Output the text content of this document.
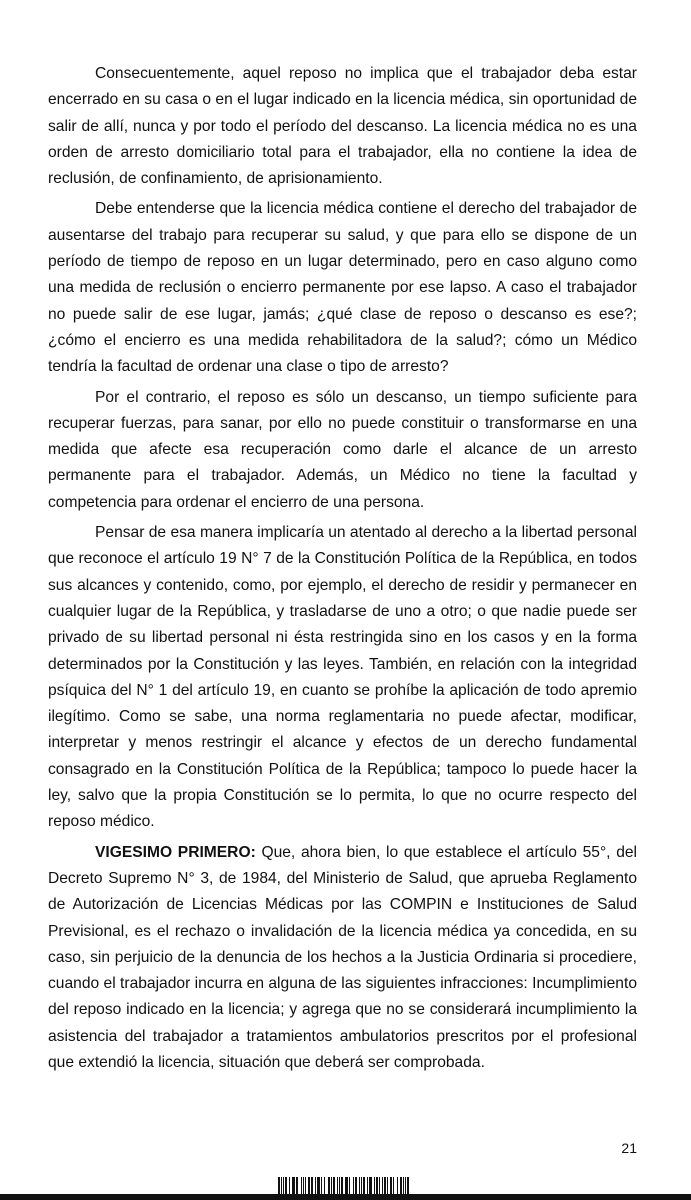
Consecuentemente, aquel reposo no implica que el trabajador deba estar encerrado en su casa o en el lugar indicado en la licencia médica, sin oportunidad de salir de allí, nunca y por todo el período del descanso. La licencia médica no es una orden de arresto domiciliario total para el trabajador, ella no contiene la idea de reclusión, de confinamiento, de aprisionamiento.

Debe entenderse que la licencia médica contiene el derecho del trabajador de ausentarse del trabajo para recuperar su salud, y que para ello se dispone de un período de tiempo de reposo en un lugar determinado, pero en caso alguno como una medida de reclusión o encierro permanente por ese lapso. A caso el trabajador no puede salir de ese lugar, jamás; ¿qué clase de reposo o descanso es ese?; ¿cómo el encierro es una medida rehabilitadora de la salud?; cómo un Médico tendría la facultad de ordenar una clase o tipo de arresto?

Por el contrario, el reposo es sólo un descanso, un tiempo suficiente para recuperar fuerzas, para sanar, por ello no puede constituir o transformarse en una medida que afecte esa recuperación como darle el alcance de un arresto permanente para el trabajador. Además, un Médico no tiene la facultad y competencia para ordenar el encierro de una persona.

Pensar de esa manera implicaría un atentado al derecho a la libertad personal que reconoce el artículo 19 N° 7 de la Constitución Política de la República, en todos sus alcances y contenido, como, por ejemplo, el derecho de residir y permanecer en cualquier lugar de la República, y trasladarse de uno a otro; o que nadie puede ser privado de su libertad personal ni ésta restringida sino en los casos y en la forma determinados por la Constitución y las leyes. También, en relación con la integridad psíquica del N° 1 del artículo 19, en cuanto se prohíbe la aplicación de todo apremio ilegítimo. Como se sabe, una norma reglamentaria no puede afectar, modificar, interpretar y menos restringir el alcance y efectos de un derecho fundamental consagrado en la Constitución Política de la República; tampoco lo puede hacer la ley, salvo que la propia Constitución se lo permita, lo que no ocurre respecto del reposo médico.

VIGESIMO PRIMERO: Que, ahora bien, lo que establece el artículo 55°, del Decreto Supremo N° 3, de 1984, del Ministerio de Salud, que aprueba Reglamento de Autorización de Licencias Médicas por las COMPIN e Instituciones de Salud Previsional, es el rechazo o invalidación de la licencia médica ya concedida, en su caso, sin perjuicio de la denuncia de los hechos a la Justicia Ordinaria si procediere, cuando el trabajador incurra en alguna de las siguientes infracciones: Incumplimiento del reposo indicado en la licencia; y agrega que no se considerará incumplimiento la asistencia del trabajador a tratamientos ambulatorios prescritos por el profesional que extendió la licencia, situación que deberá ser comprobada.

21
